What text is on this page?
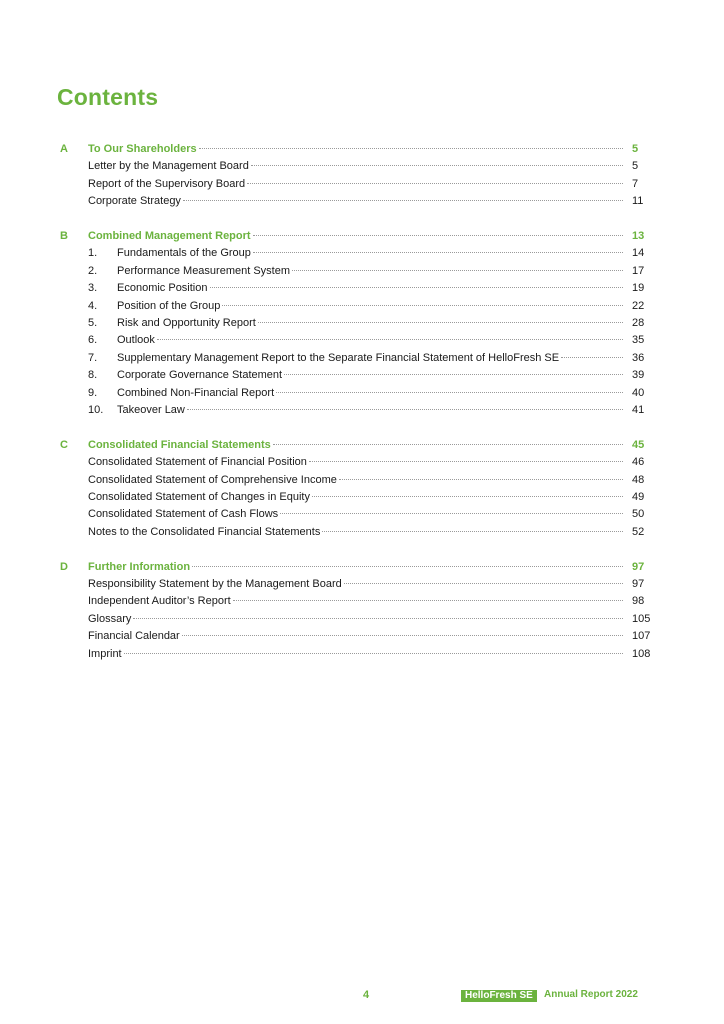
Contents
A To Our Shareholders	5
Letter by the Management Board	5
Report of the Supervisory Board	7
Corporate Strategy	11
B Combined Management Report	13
1.	Fundamentals of the Group	14
2.	Performance Measurement System	17
3.	Economic Position	19
4.	Position of the Group	22
5.	Risk and Opportunity Report	28
6.	Outlook	35
7.	Supplementary Management Report to the Separate Financial Statement of HelloFresh SE	36
8.	Corporate Governance Statement	39
9.	Combined Non-Financial Report	40
10.	Takeover Law	41
C Consolidated Financial Statements	45
Consolidated Statement of Financial Position	46
Consolidated Statement of Comprehensive Income	48
Consolidated Statement of Changes in Equity	49
Consolidated Statement of Cash Flows	50
Notes to the Consolidated Financial Statements	52
D Further Information	97
Responsibility Statement by the Management Board	97
Independent Auditor’s Report	98
Glossary	105
Financial Calendar	107
Imprint	108
4	HelloFresh SE	Annual Report 2022
